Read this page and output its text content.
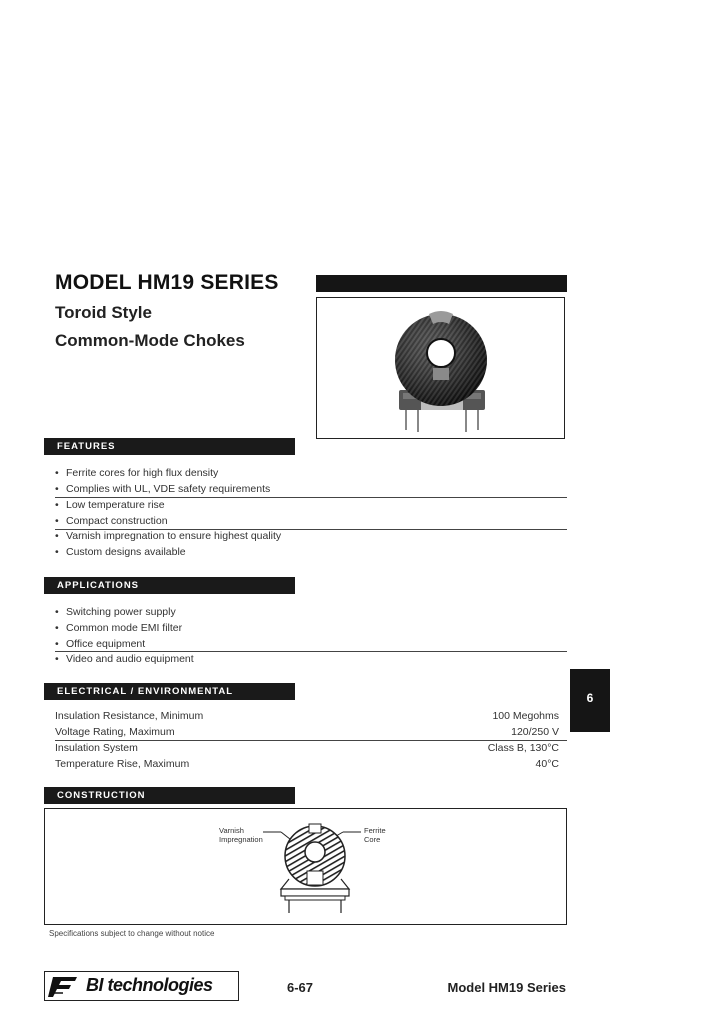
MODEL HM19 SERIES
Toroid Style
Common-Mode Chokes
FEATURES
• Ferrite cores for high flux density
• Complies with UL, VDE safety requirements
• Low temperature rise
• Compact construction
• Varnish impregnation to ensure highest quality
• Custom designs available
APPLICATIONS
• Switching power supply
• Common mode EMI filter
• Office equipment
• Video and audio equipment
ELECTRICAL / ENVIRONMENTAL
Insulation Resistance, Minimum	100 Megohms
Voltage Rating, Maximum	120/250 V
Insulation System	Class B, 130°C
Temperature Rise, Maximum	40°C
6
CONSTRUCTION
Varnish
Impregnation
Ferrite
Core
Specifications subject to change without notice
BI technologies	6-67	Model HM19 Series
